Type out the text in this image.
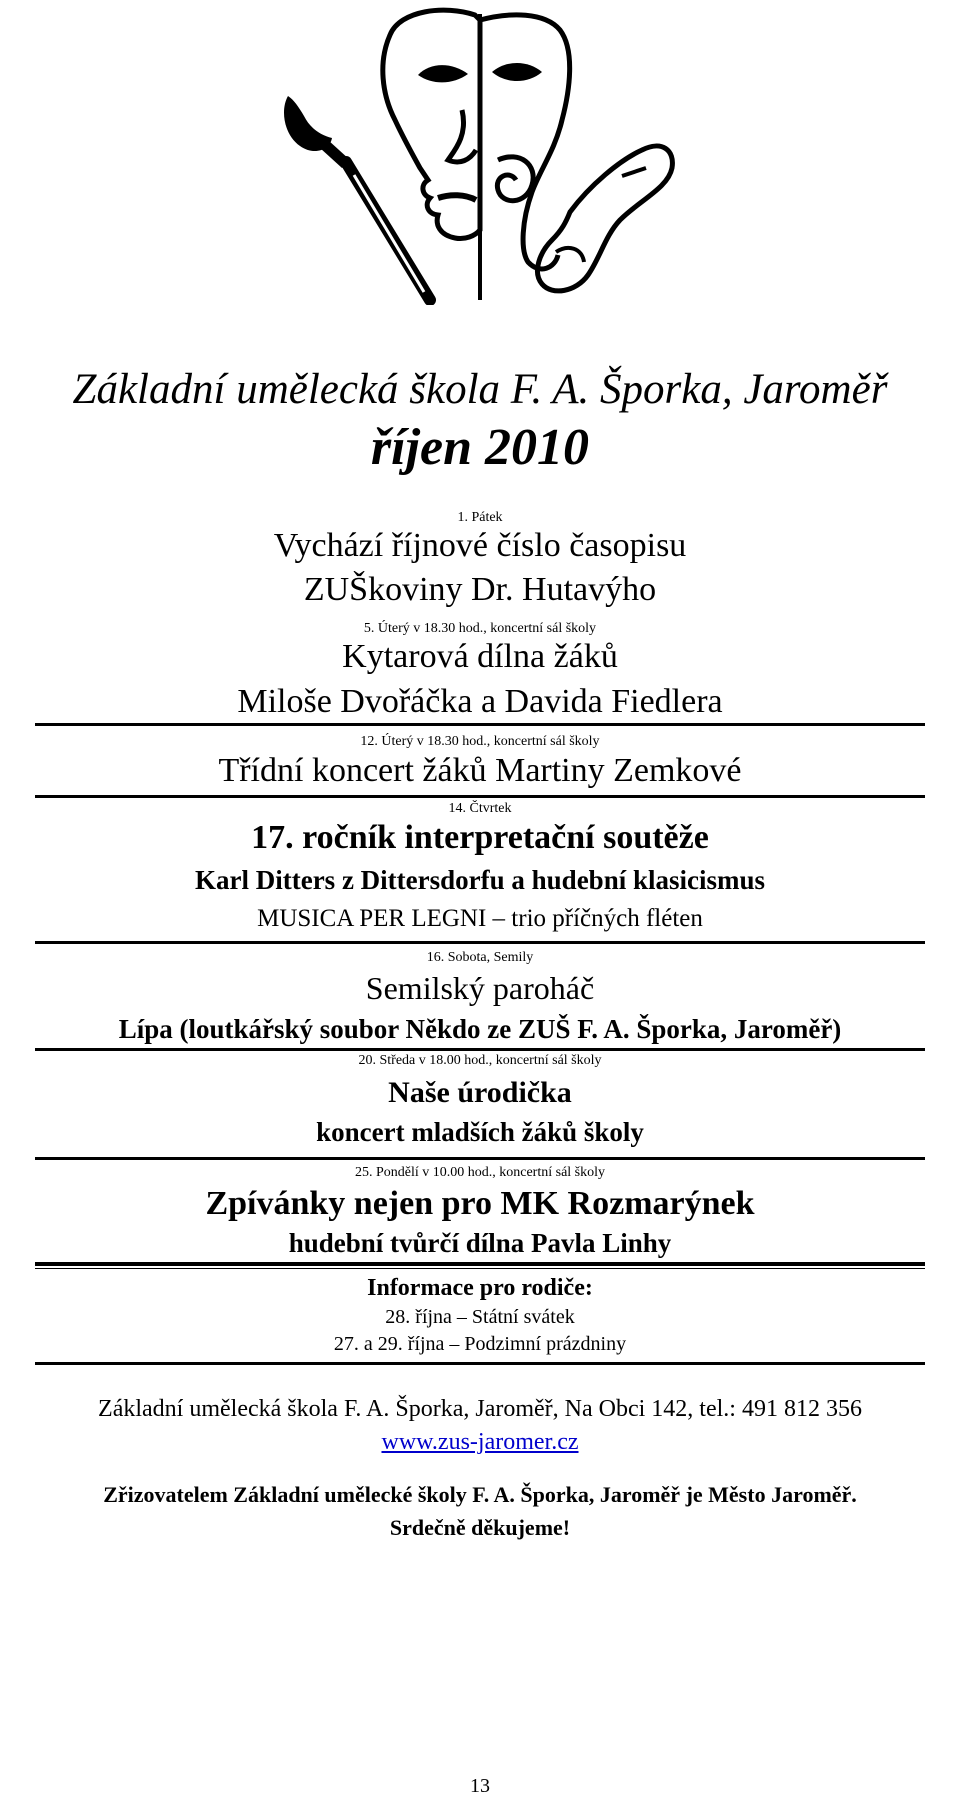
Základní umělecká škola F. A. Šporka, Jaroměř
říjen 2010
1. Pátek
Vychází říjnové číslo časopisu
ZUŠkoviny Dr. Hutavýho
5. Úterý v 18.30 hod., koncertní sál školy
Kytarová dílna žáků
Miloše Dvořáčka a Davida Fiedlera
12. Úterý v 18.30 hod., koncertní sál školy
Třídní koncert žáků Martiny Zemkové
14. Čtvrtek
17. ročník interpretační soutěže
Karl Ditters z Dittersdorfu a hudební klasicismus
MUSICA PER LEGNI – trio příčných fléten
16. Sobota, Semily
Semilský paroháč
Lípa (loutkářský soubor Někdo ze ZUŠ F. A. Šporka, Jaroměř)
20. Středa v 18.00 hod., koncertní sál školy
Naše úrodička
koncert mladších žáků školy
25. Pondělí v 10.00 hod., koncertní sál školy
Zpívánky nejen pro MK Rozmarýnek
hudební tvůrčí dílna Pavla Linhy
Informace pro rodiče:
28. října – Státní svátek
27. a 29. října – Podzimní prázdniny
Základní umělecká škola F. A. Šporka, Jaroměř, Na Obci 142, tel.: 491 812 356
www.zus-jaromer.cz
Zřizovatelem Základní umělecké školy F. A. Šporka, Jaroměř je Město Jaroměř.
Srdečně děkujeme!
13
